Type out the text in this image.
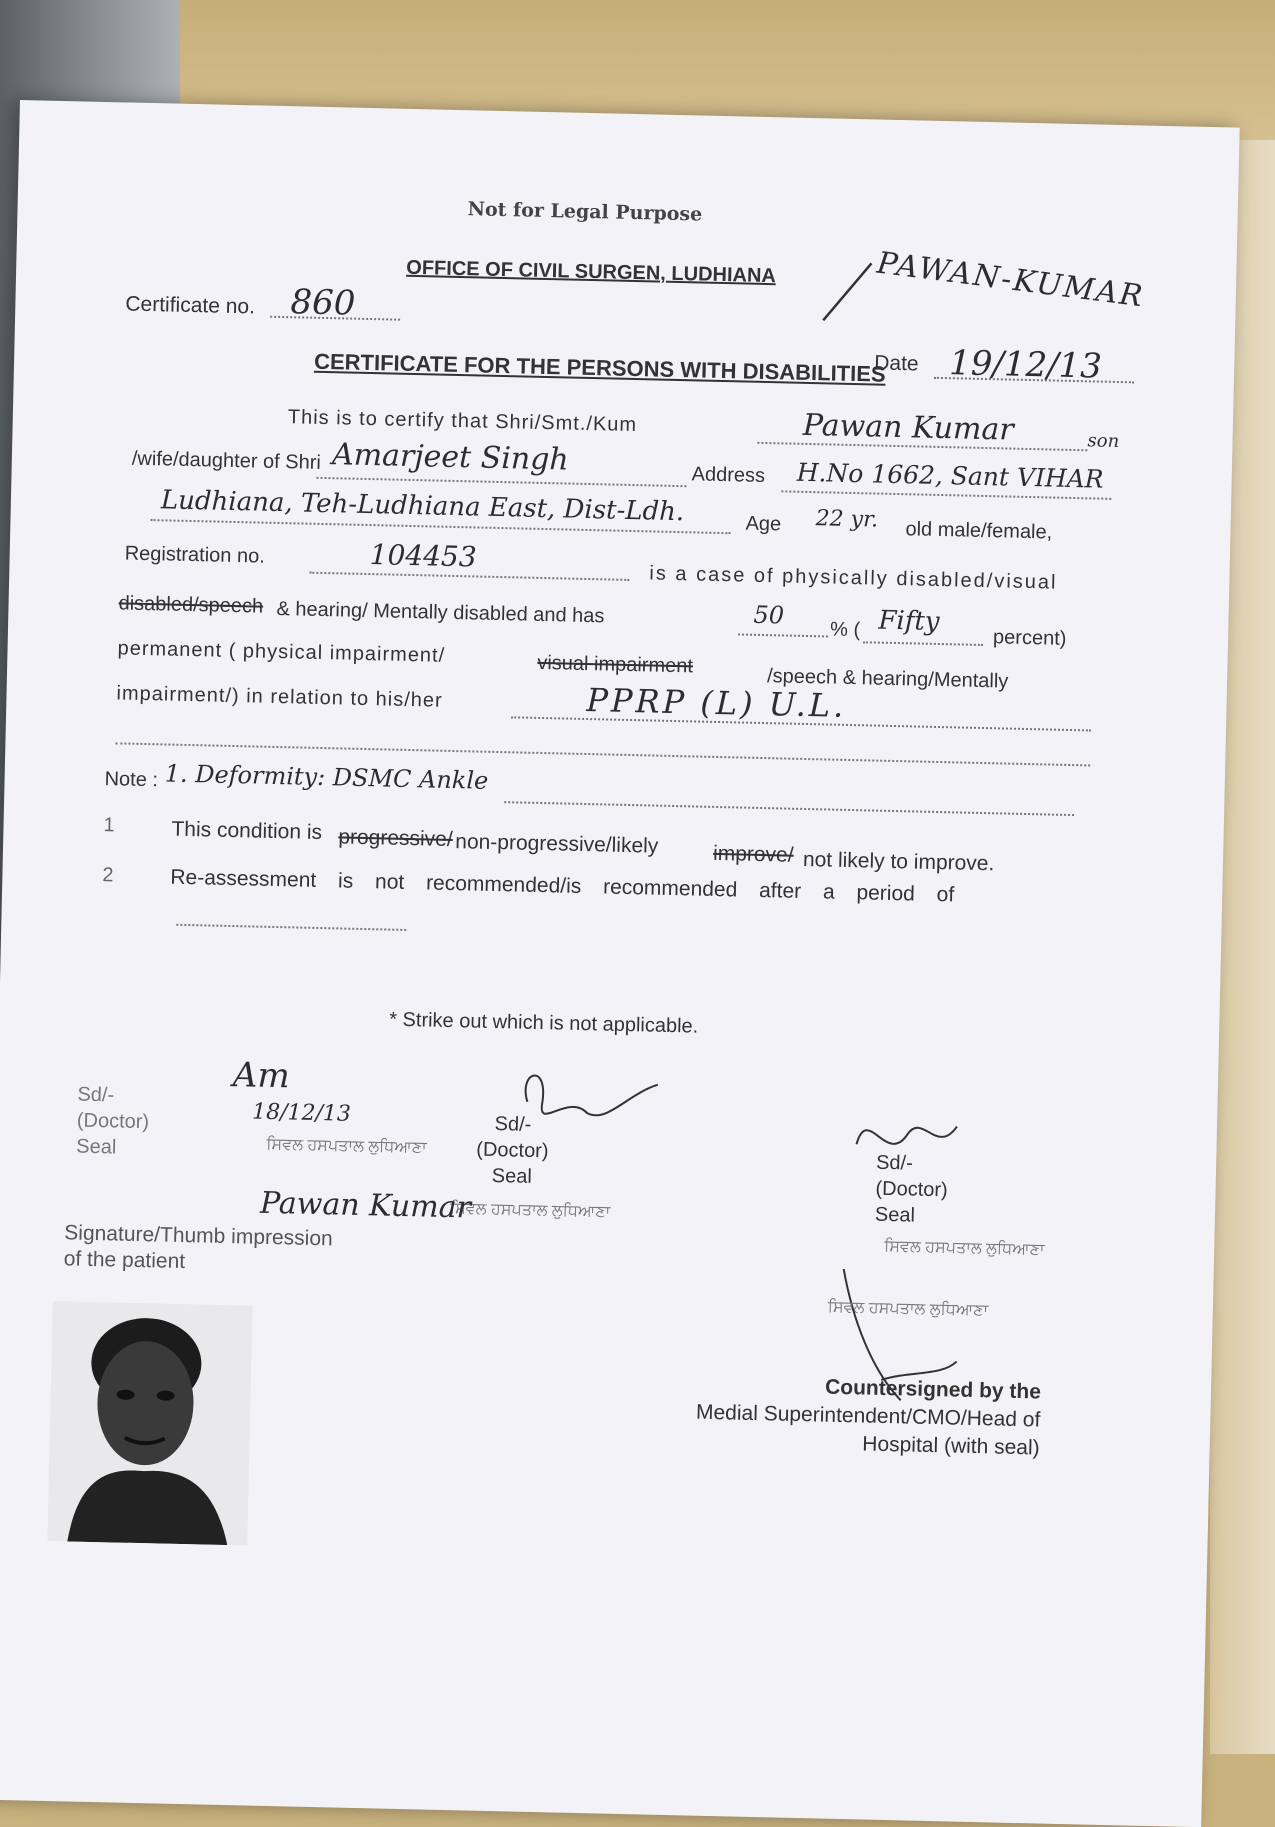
Not for Legal Purpose
OFFICE OF CIVIL SURGEN, LUDHIANA	PAWAN-KUMAR
Certificate no. 860
Date 19/12/13
CERTIFICATE FOR THE PERSONS WITH DISABILITIES
This is to certify that Shri/Smt./Kum	Pawan Kumar	son
/wife/daughter of Shri Amarjeet Singh	Address H.No 1662, Sant VIHAR
Ludhiana, Teh-Ludhiana East, Dist-Ldh.	Age 22 yr. old male/female,
Registration no.	104453
is a case of physically disabled/visual
disabled/speech & hearing/ Mentally disabled and has	50
% ( Fifty
percent)
permanent ( physical impairment/	visual impairment
/speech & hearing/Mentally
impairment/) in relation to his/her	PPRP (L) U.L.
Note : 1. Deformity: DSMC Ankle
1	This condition is progressive/ non-progressive/likely	improve/ not likely to improve.
2	Re-assessment is not recommended/is recommended after a period of
* Strike out which is not applicable.
Sd/-
(Doctor)
Seal
Am
18/12/13
ਸਿਵਲ ਹਸਪਤਾਲ ਲੁਧਿਆਣਾ
Sd/-
(Doctor)
Seal
ਸਿਵਲ ਹਸਪਤਾਲ ਲੁਧਿਆਣਾ
Sd/-
(Doctor)
Seal
ਸਿਵਲ ਹਸਪਤਾਲ ਲੁਧਿਆਣਾ
Pawan Kumar
Signature/Thumb impression
of the patient
ਸਿਵਲ ਹਸਪਤਾਲ ਲੁਧਿਆਣਾ
Countersigned by the
Medial Superintendent/CMO/Head of
Hospital (with seal)
